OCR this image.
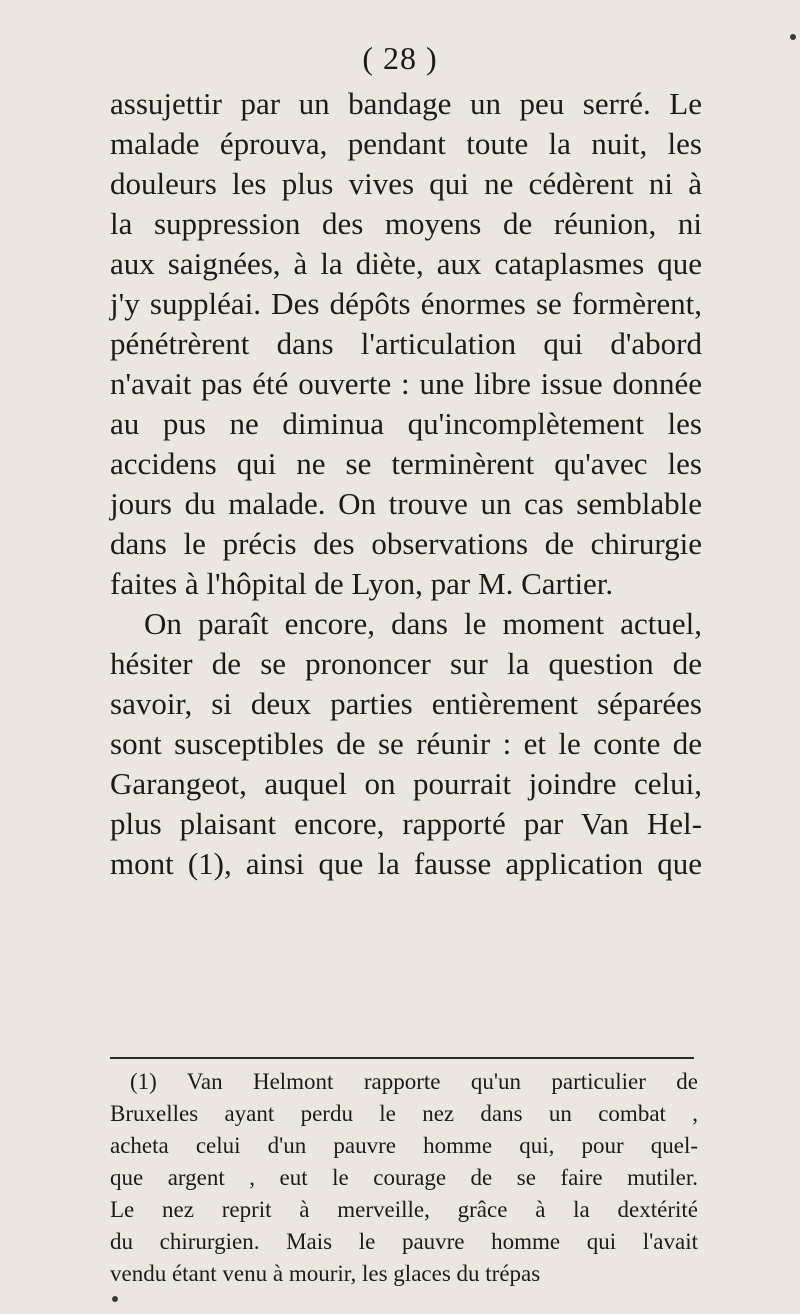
( 28 )
assujettir par un bandage un peu serré. Le
malade éprouva, pendant toute la nuit, les
douleurs les plus vives qui ne cédèrent ni à
la suppression des moyens de réunion, ni
aux saignées, à la diète, aux cataplasmes que
j'y suppléai. Des dépôts énormes se formèrent,
pénétrèrent dans l'articulation qui d'abord
n'avait pas été ouverte : une libre issue donnée
au pus ne diminua qu'incomplètement les
accidens qui ne se terminèrent qu'avec les
jours du malade. On trouve un cas semblable
dans le précis des observations de chirurgie
faites à l'hôpital de Lyon, par M. Cartier.
On paraît encore, dans le moment actuel,
hésiter de se prononcer sur la question de
savoir, si deux parties entièrement séparées
sont susceptibles de se réunir : et le conte de
Garangeot, auquel on pourrait joindre celui,
plus plaisant encore, rapporté par Van Hel-
mont (1), ainsi que la fausse application que
(1) Van Helmont rapporte qu'un particulier de
Bruxelles ayant perdu le nez dans un combat ,
acheta celui d'un pauvre homme qui, pour quel-
que argent , eut le courage de se faire mutiler.
Le nez reprit à merveille, grâce à la dextérité
du chirurgien. Mais le pauvre homme qui l'avait
vendu étant venu à mourir, les glaces du trépas
